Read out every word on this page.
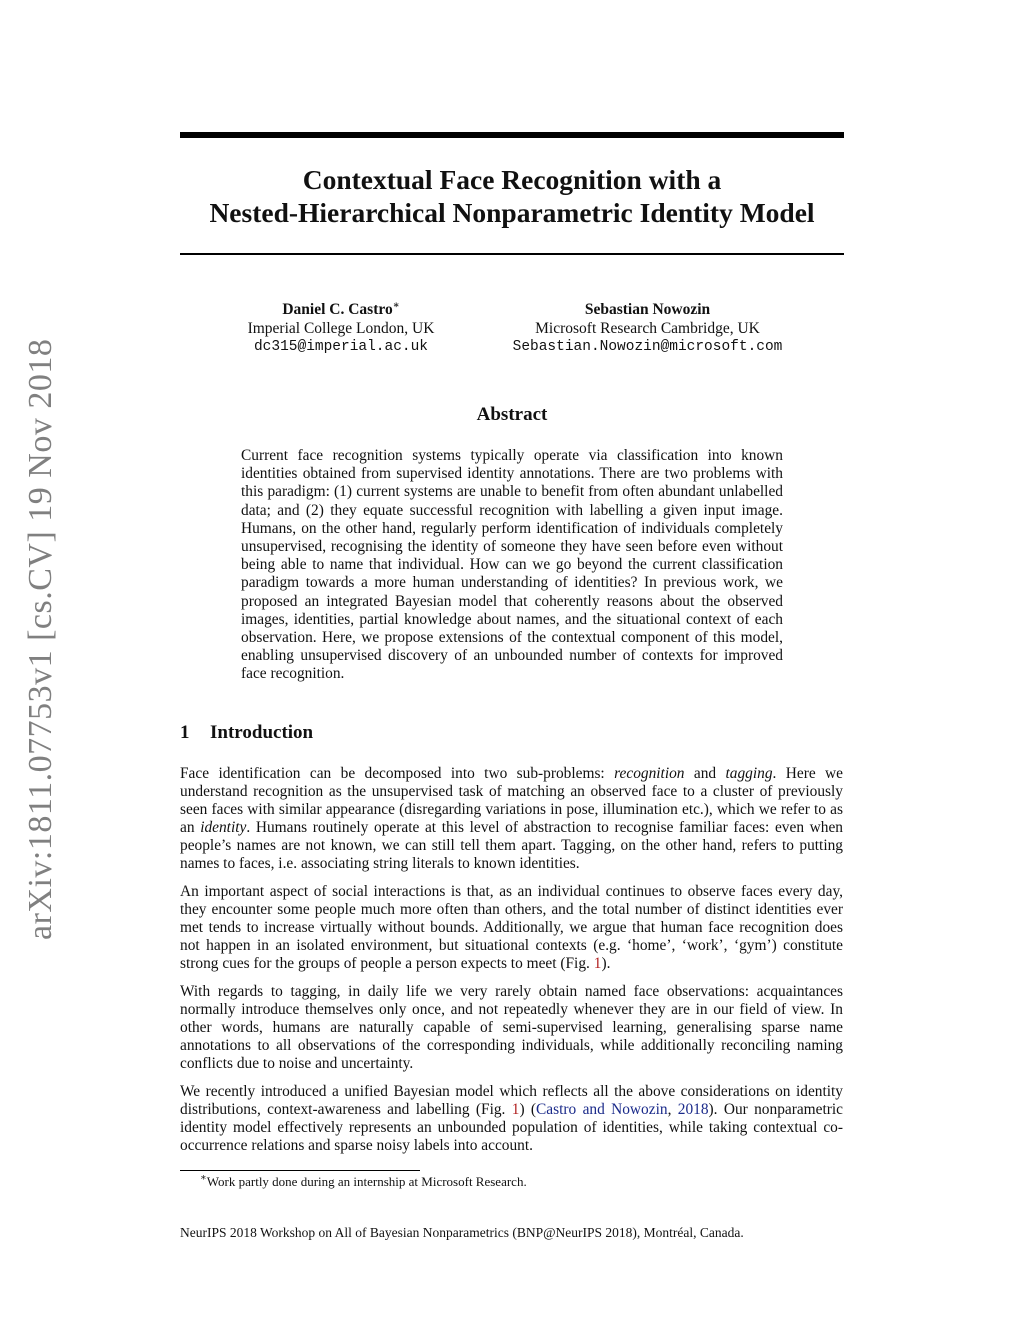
Contextual Face Recognition with a
Nested-Hierarchical Nonparametric Identity Model
arXiv:1811.07753v1 [cs.CV] 19 Nov 2018
Daniel C. Castro∗
Imperial College London, UK
dc315@imperial.ac.uk
Sebastian Nowozin
Microsoft Research Cambridge, UK
Sebastian.Nowozin@microsoft.com
Abstract

Current face recognition systems typically operate via classification into known identities obtained from supervised identity annotations. There are two problems with this paradigm: (1) current systems are unable to benefit from often abundant unlabelled data; and (2) they equate successful recognition with labelling a given input image. Humans, on the other hand, regularly perform identification of individuals completely unsupervised, recognising the identity of someone they have seen before even without being able to name that individual. How can we go beyond the current classification paradigm towards a more human understanding of identities? In previous work, we proposed an integrated Bayesian model that coherently reasons about the observed images, identities, partial knowledge about names, and the situational context of each observation. Here, we propose extensions of the contextual component of this model, enabling unsupervised discovery of an unbounded number of contexts for improved face recognition.

1 Introduction

Face identification can be decomposed into two sub-problems: recognition and tagging. Here we understand recognition as the unsupervised task of matching an observed face to a cluster of previously seen faces with similar appearance (disregarding variations in pose, illumination etc.), which we refer to as an identity. Humans routinely operate at this level of abstraction to recognise familiar faces: even when people’s names are not known, we can still tell them apart. Tagging, on the other hand, refers to putting names to faces, i.e. associating string literals to known identities.

An important aspect of social interactions is that, as an individual continues to observe faces every day, they encounter some people much more often than others, and the total number of distinct identities ever met tends to increase virtually without bounds. Additionally, we argue that human face recognition does not happen in an isolated environment, but situational contexts (e.g. ‘home’, ‘work’, ‘gym’) constitute strong cues for the groups of people a person expects to meet (Fig. 1).

With regards to tagging, in daily life we very rarely obtain named face observations: acquaintances normally introduce themselves only once, and not repeatedly whenever they are in our field of view. In other words, humans are naturally capable of semi-supervised learning, generalising sparse name annotations to all observations of the corresponding individuals, while additionally reconciling naming conflicts due to noise and uncertainty.

We recently introduced a unified Bayesian model which reflects all the above considerations on identity distributions, context-awareness and labelling (Fig. 1) (Castro and Nowozin, 2018). Our nonparametric identity model effectively represents an unbounded population of identities, while taking contextual co-occurrence relations and sparse noisy labels into account.

∗Work partly done during an internship at Microsoft Research.
NeurIPS 2018 Workshop on All of Bayesian Nonparametrics (BNP@NeurIPS 2018), Montréal, Canada.
